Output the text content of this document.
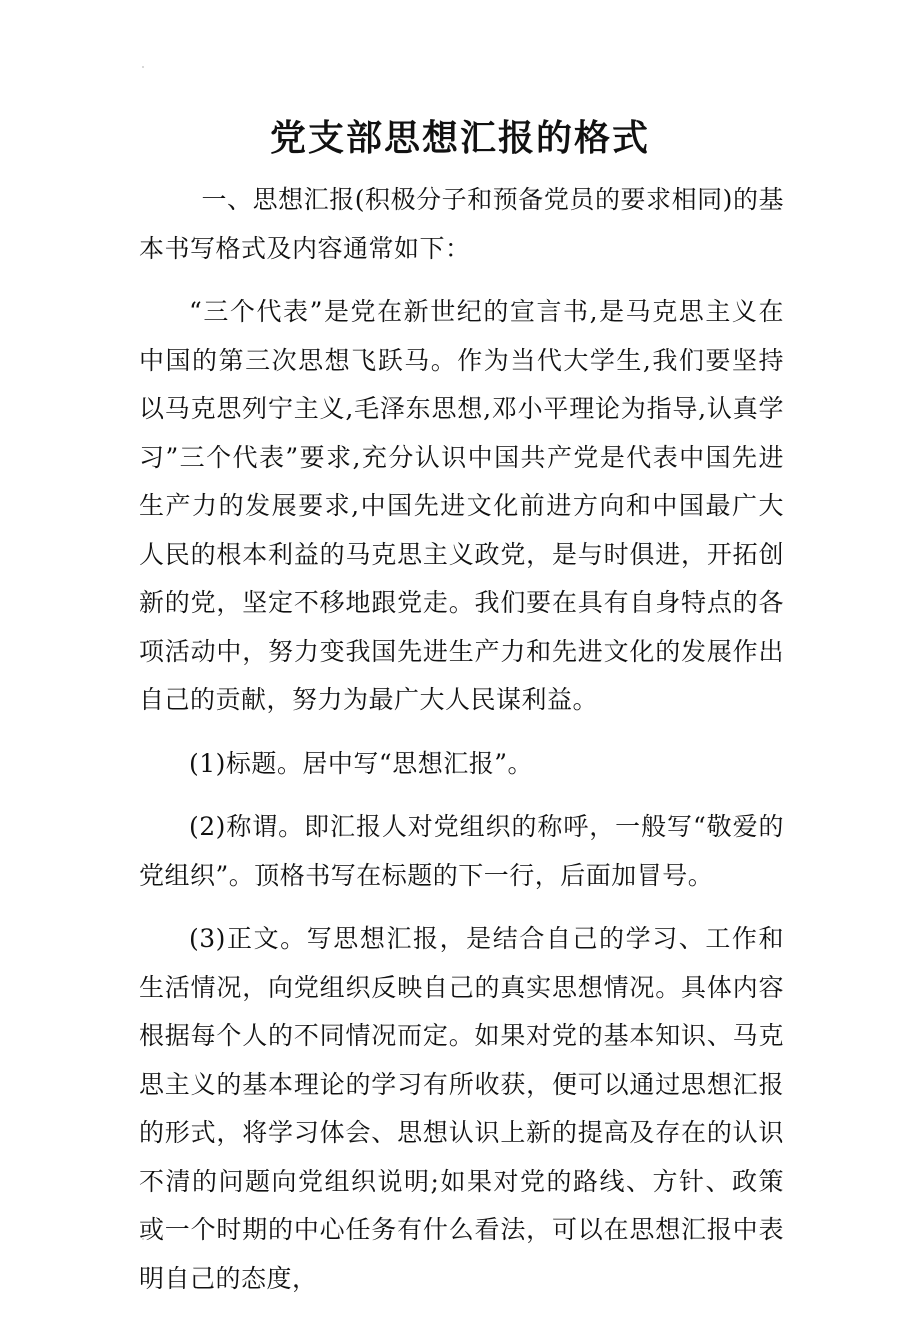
党支部思想汇报的格式

一、思想汇报(积极分子和预备党员的要求相同)的基本书写格式及内容通常如下：

“三个代表”是党在新世纪的宣言书,是马克思主义在中国的第三次思想飞跃马。作为当代大学生,我们要坚持以马克思列宁主义,毛泽东思想,邓小平理论为指导,认真学习”三个代表”要求,充分认识中国共产党是代表中国先进生产力的发展要求,中国先进文化前进方向和中国最广大人民的根本利益的马克思主义政党，是与时俱进，开拓创新的党，坚定不移地跟党走。我们要在具有自身特点的各项活动中，努力变我国先进生产力和先进文化的发展作出自己的贡献，努力为最广大人民谋利益。

(1)标题。居中写“思想汇报”。

(2)称谓。即汇报人对党组织的称呼，一般写“敬爱的党组织”。顶格书写在标题的下一行，后面加冒号。

(3)正文。写思想汇报，是结合自己的学习、工作和生活情况，向党组织反映自己的真实思想情况。具体内容根据每个人的不同情况而定。如果对党的基本知识、马克思主义的基本理论的学习有所收获，便可以通过思想汇报的形式，将学习体会、思想认识上新的提高及存在的认识不清的问题向党组织说明;如果对党的路线、方针、政策或一个时期的中心任务有什么看法，可以在思想汇报中表明自己的态度，
